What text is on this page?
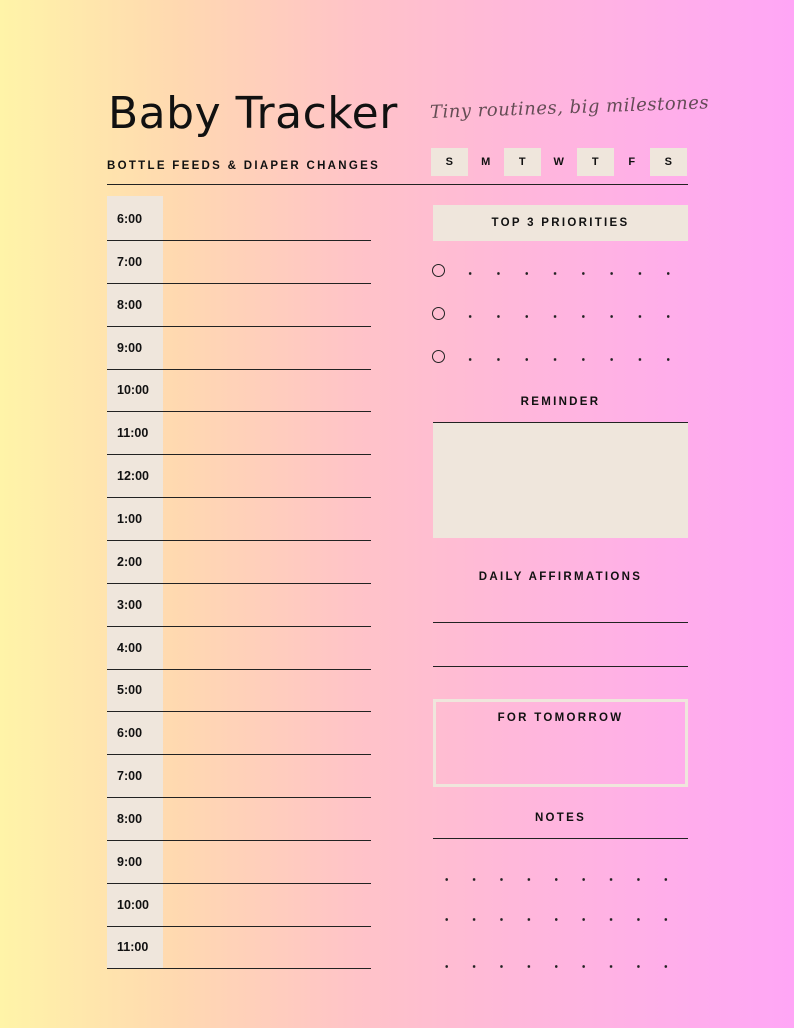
Baby Tracker Tiny routines, big milestones
BOTTLE FEEDS & DIAPER CHANGES	S	M	T	W	T	F	S
6:00
7:00
8:00
9:00
10:00
11:00
12:00
1:00
2:00
3:00
4:00
5:00
6:00
7:00
8:00
9:00
10:00
11:00
TOP 3 PRIORITIES
REMINDER
DAILY AFFIRMATIONS
FOR TOMORROW
NOTES
